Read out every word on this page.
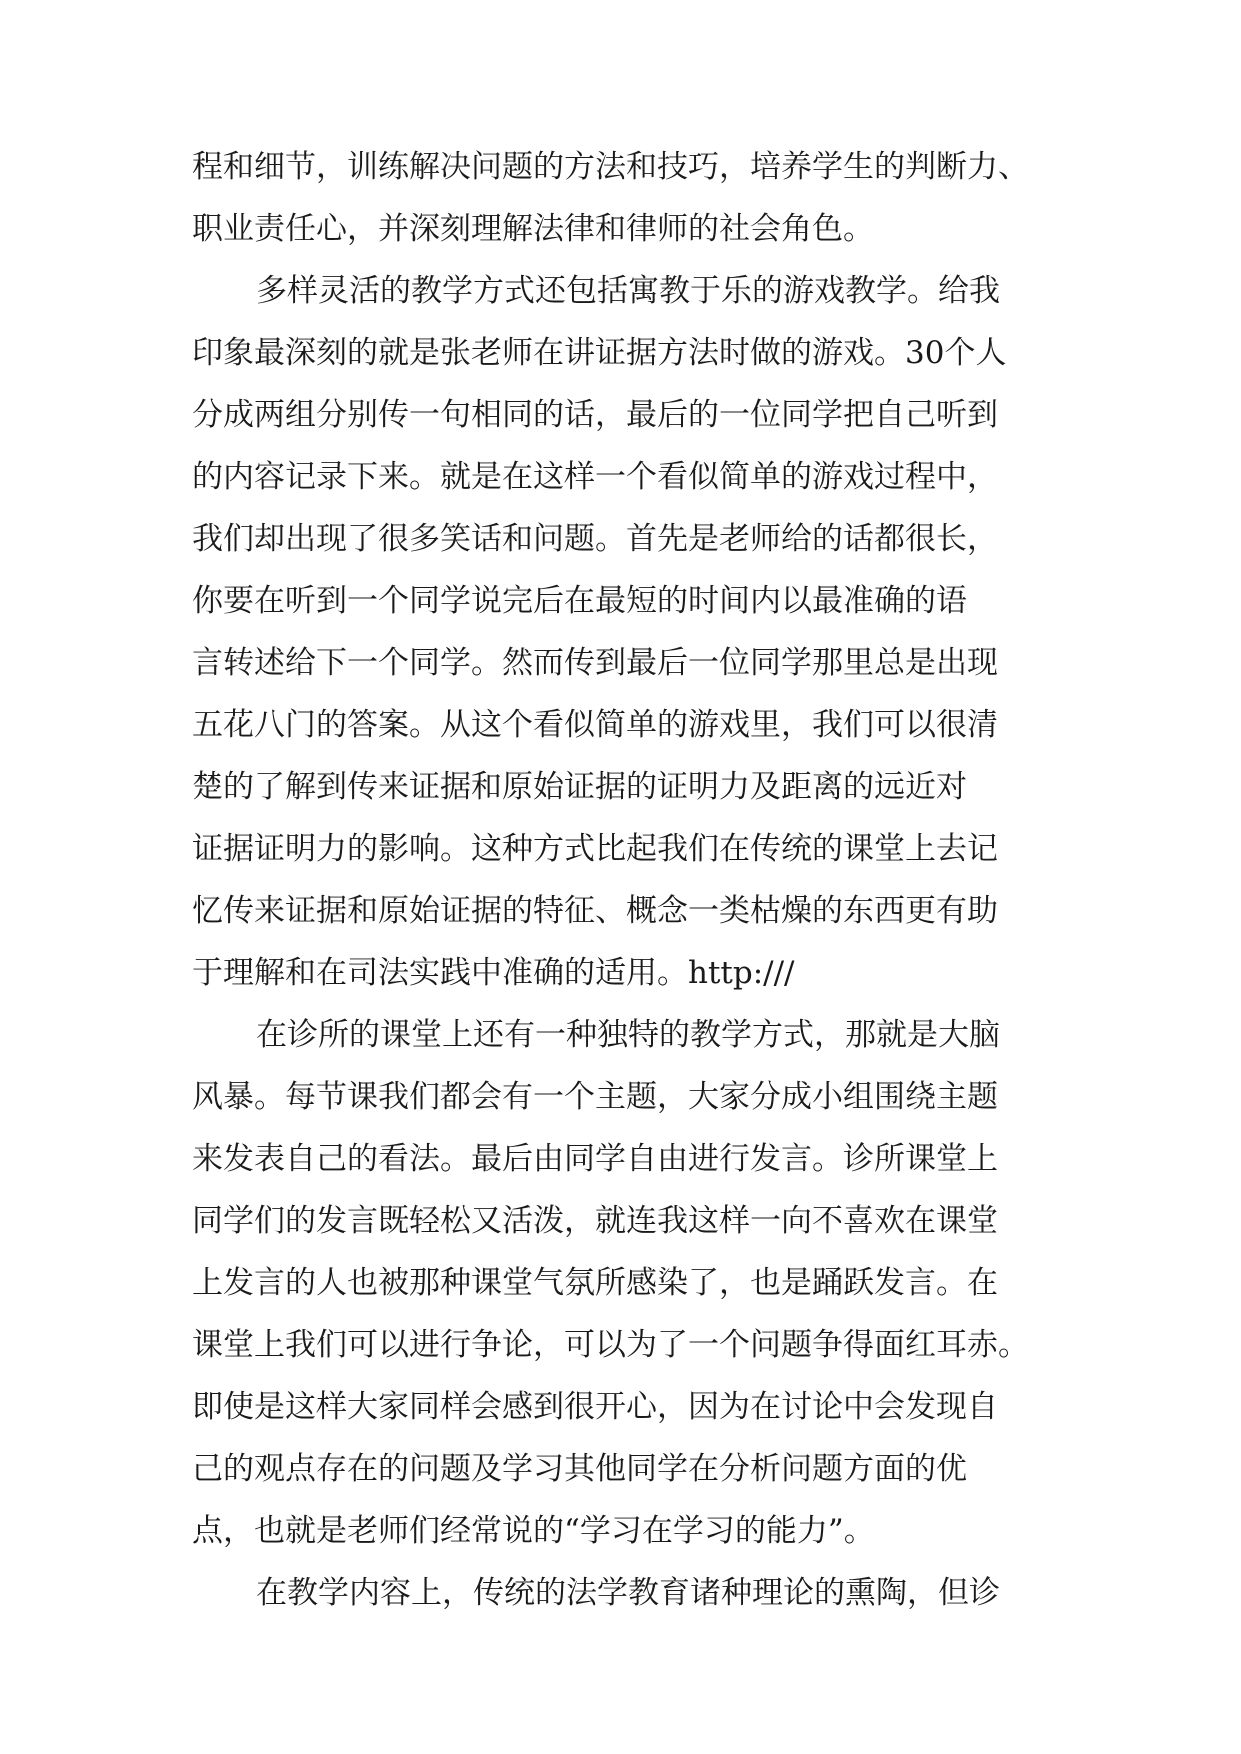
程和细节，训练解决问题的方法和技巧，培养学生的判断力、
职业责任心，并深刻理解法律和律师的社会角色。
多样灵活的教学方式还包括寓教于乐的游戏教学。给我
印象最深刻的就是张老师在讲证据方法时做的游戏。30个人
分成两组分别传一句相同的话，最后的一位同学把自己听到
的内容记录下来。就是在这样一个看似简单的游戏过程中，
我们却出现了很多笑话和问题。首先是老师给的话都很长，
你要在听到一个同学说完后在最短的时间内以最准确的语
言转述给下一个同学。然而传到最后一位同学那里总是出现
五花八门的答案。从这个看似简单的游戏里，我们可以很清
楚的了解到传来证据和原始证据的证明力及距离的远近对
证据证明力的影响。这种方式比起我们在传统的课堂上去记
忆传来证据和原始证据的特征、概念一类枯燥的东西更有助
于理解和在司法实践中准确的适用。http:///
在诊所的课堂上还有一种独特的教学方式，那就是大脑
风暴。每节课我们都会有一个主题，大家分成小组围绕主题
来发表自己的看法。最后由同学自由进行发言。诊所课堂上
同学们的发言既轻松又活泼，就连我这样一向不喜欢在课堂
上发言的人也被那种课堂气氛所感染了，也是踊跃发言。在
课堂上我们可以进行争论，可以为了一个问题争得面红耳赤。
即使是这样大家同样会感到很开心，因为在讨论中会发现自
己的观点存在的问题及学习其他同学在分析问题方面的优
点，也就是老师们经常说的“学习在学习的能力”。
在教学内容上，传统的法学教育诸种理论的熏陶，但诊
